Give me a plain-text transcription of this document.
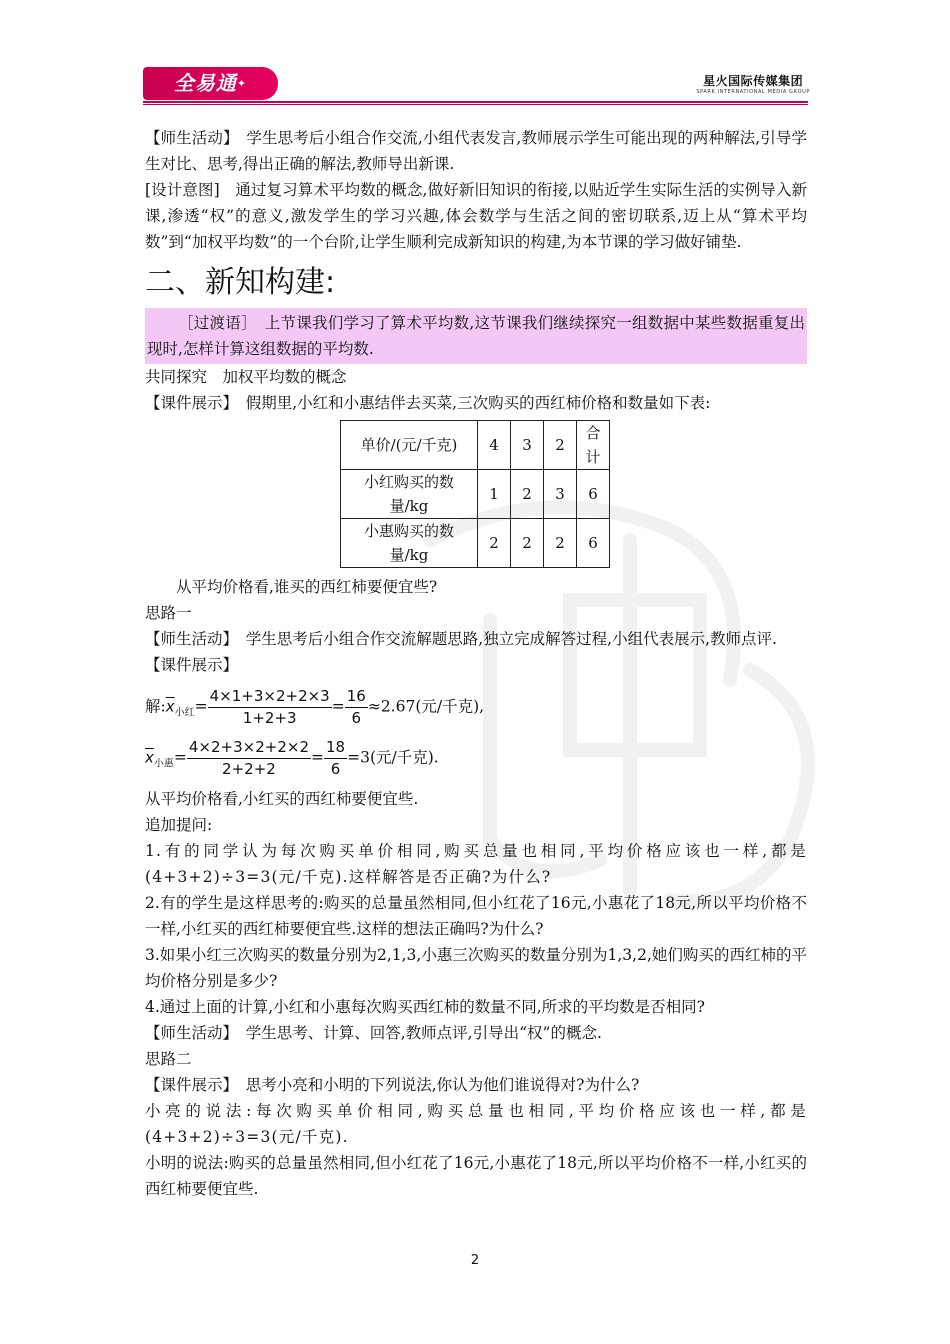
全易通✦	星火国际传媒集团
SPARK INTERNATIONAL MEDIA GROUP

【师生活动】　学生思考后小组合作交流,小组代表发言,教师展示学生可能出现的两种解法,引导学生对比、思考,得出正确的解法,教师导出新课.

[设计意图]　通过复习算术平均数的概念,做好新旧知识的衔接,以贴近学生实际生活的实例导入新课,渗透“权”的意义,激发学生的学习兴趣,体会数学与生活之间的密切联系,迈上从“算术平均数”到“加权平均数”的一个台阶,让学生顺利完成新知识的构建,为本节课的学习做好铺垫.

二、新知构建:

［过渡语］　上节课我们学习了算术平均数,这节课我们继续探究一组数据中某些数据重复出现时,怎样计算这组数据的平均数.

共同探究　加权平均数的概念

【课件展示】　假期里,小红和小惠结伴去买菜,三次购买的西红柿价格和数量如下表:

单价/(元/千克)	4	3	2	合计
小红购买的数量/kg	1	2	3	6
小惠购买的数量/kg	2	2	2	6

从平均价格看,谁买的西红柿要便宜些?

思路一

【师生活动】　学生思考后小组合作交流解题思路,独立完成解答过程,小组代表展示,教师点评.

【课件展示】

解$:\overline{x}_{小红}= \frac{4\times 1+3\times 2+2\times 3}{1+2+3} = \frac{16}{6} \approx 2.67$(元/千克),
$\overline{x}_{小惠}= \frac{4\times 2+3\times 2+2\times 2}{2+2+2} = \frac{18}{6} =3$(元/千克).

从平均价格看,小红买的西红柿要便宜些.

追加提问:

1.有的同学认为每次购买单价相同,购买总量也相同,平均价格应该也一样,都是(4+3+2)÷3=3(元/千克).这样解答是否正确?为什么?

2.有的学生是这样思考的:购买的总量虽然相同,但小红花了16元,小惠花了18元,所以平均价格不一样,小红买的西红柿要便宜些.这样的想法正确吗?为什么?

3.如果小红三次购买的数量分别为2,1,3,小惠三次购买的数量分别为1,3,2,她们购买的西红柿的平均价格分别是多少?

4.通过上面的计算,小红和小惠每次购买西红柿的数量不同,所求的平均数是否相同?

【师生活动】　学生思考、计算、回答,教师点评,引导出“权”的概念.

思路二

【课件展示】　思考小亮和小明的下列说法,你认为他们谁说得对?为什么?

小亮的说法:每次购买单价相同,购买总量也相同,平均价格应该也一样,都是(4+3+2)÷3=3(元/千克).

小明的说法:购买的总量虽然相同,但小红花了16元,小惠花了18元,所以平均价格不一样,小红买的西红柿要便宜些.

2
